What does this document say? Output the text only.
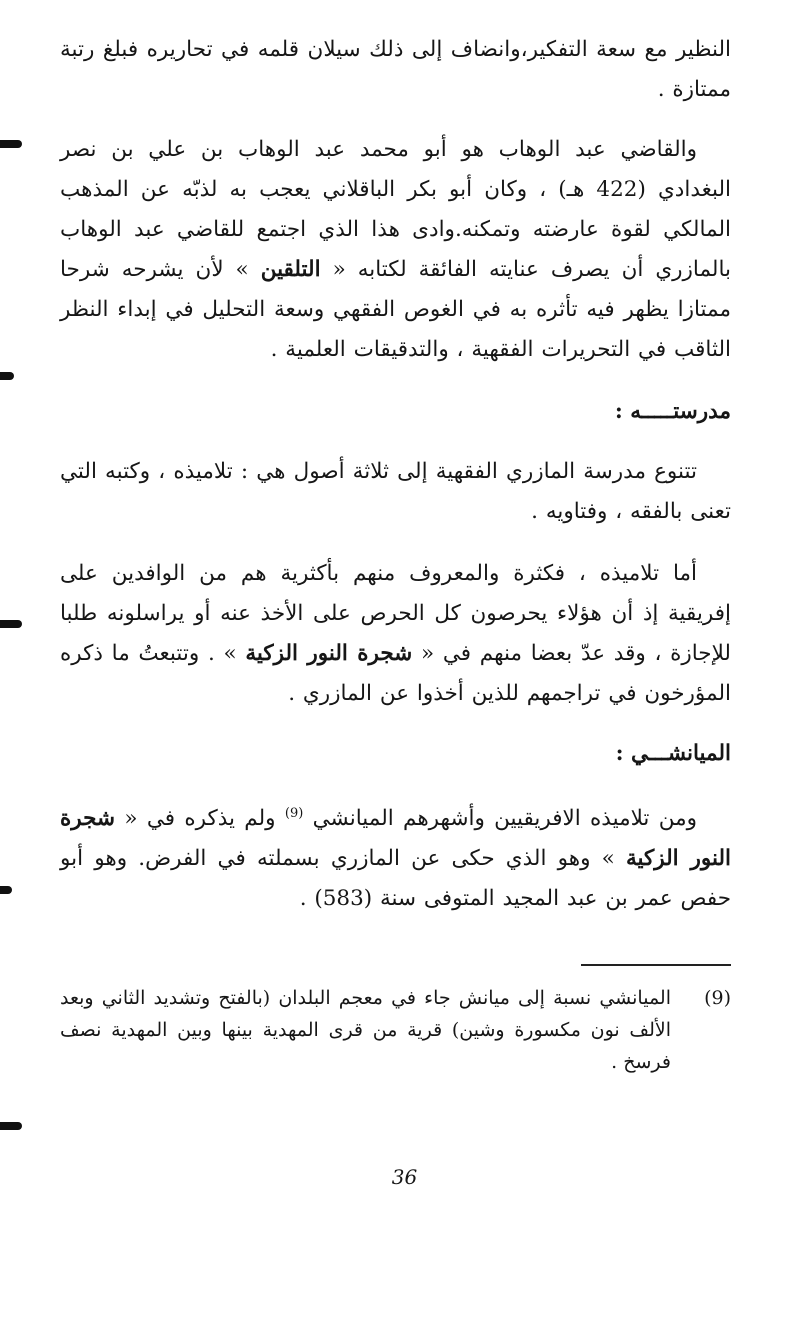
النظير مع سعة التفكير،وانضاف إلى ذلك سيلان قلمه في تحاريره فبلغ رتبة ممتازة .

والقاضي عبد الوهاب هو أبو محمد عبد الوهاب بن علي بن نصر البغدادي (422 هـ) ، وكان أبو بكر الباقلاني يعجب به لذبّه عن المذهب المالكي لقوة عارضته وتمكنه.وادى هذا الذي اجتمع للقاضي عبد الوهاب بالمازري أن يصرف عنايته الفائقة لكتابه « التلقين » لأن يشرحه شرحا ممتازا يظهر فيه تأثره به في الغوص الفقهي وسعة التحليل في إبداء النظر الثاقب في التحريرات الفقهية ، والتدقيقات العلمية .

مدرستـــــه :

تتنوع مدرسة المازري الفقهية إلى ثلاثة أصول هي : تلاميذه ، وكتبه التي تعنى بالفقه ، وفتاويه .

أما تلاميذه ، فكثرة والمعروف منهم بأكثرية هم من الوافدين على إفريقية إذ أن هؤلاء يحرصون كل الحرص على الأخذ عنه أو يراسلونه طلبا للإجازة ، وقد عدّ بعضا منهم في « شجرة النور الزكية » . وتتبعتُ ما ذكره المؤرخون في تراجمهم للذين أخذوا عن المازري .

الميانشـــي :

ومن تلاميذه الافريقيين وأشهرهم الميانشي $^{(9)}$ ولم يذكره في « شجرة النور الزكية » وهو الذي حكى عن المازري بسملته في الفرض. وهو أبو حفص عمر بن عبد المجيد المتوفى سنة (583) .

(9)

الميانشي نسبة إلى ميانش جاء في معجم البلدان (بالفتح وتشديد الثاني وبعد الألف نون مكسورة وشين) قرية من قرى المهدية بينها وبين المهدية نصف فرسخ .

36
